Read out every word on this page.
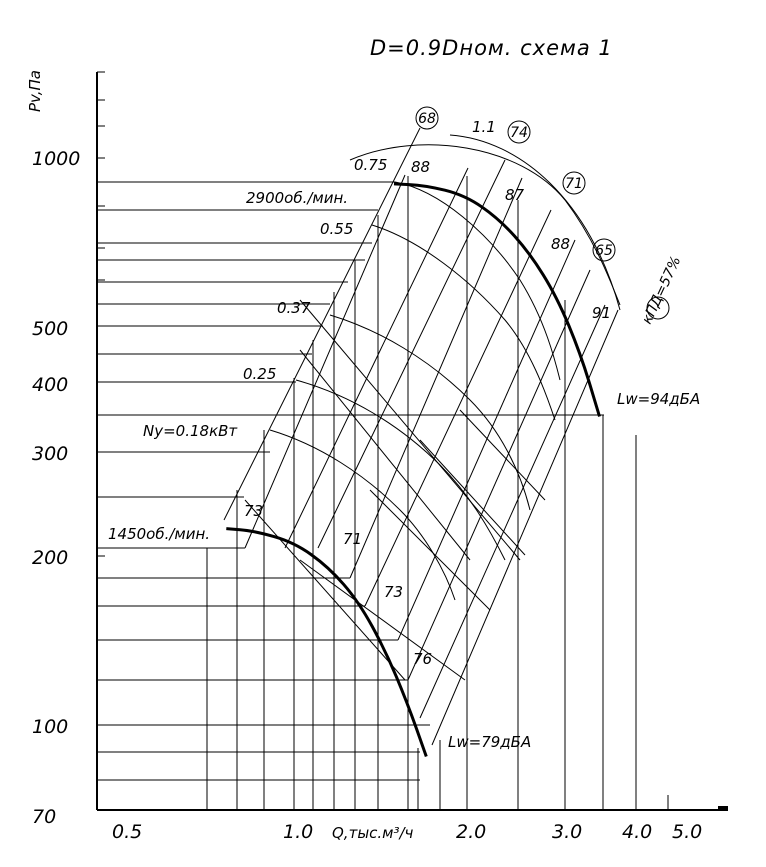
68
74
71
65
кПД=57%
D=0.9Dном. схема 1
Pv,Па
Q,тыс.м³/ч
1000
500
400
300
200
100
70
0.5	1.0	2.0	3.0 4.0 5.0
2900об./мин.
1450об./мин.
Ny=0.18кВт
0.25
0.37
0.55
0.75
1.1
88
87
88
91
73
71
73
76
Lw=94дБА
Lw=79дБА
